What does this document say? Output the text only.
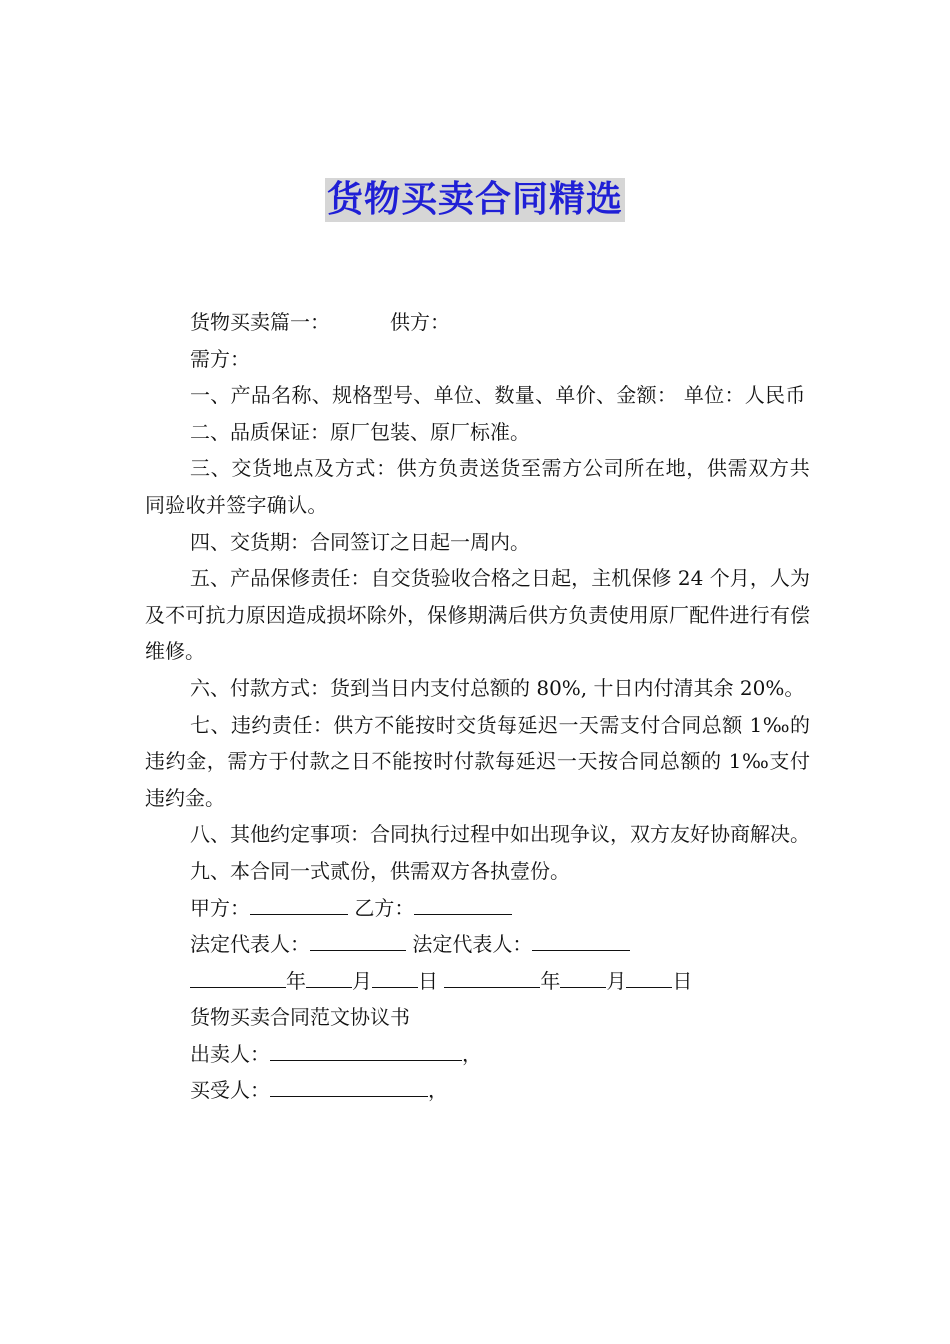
货物买卖合同精选

货物买卖篇一：	供方：

需方：

一、产品名称、规格型号、单位、数量、单价、金额： 单位：人民币

二、品质保证：原厂包装、原厂标准。

三、交货地点及方式：供方负责送货至需方公司所在地，供需双方共同验收并签字确认。

四、交货期：合同签订之日起一周内。

五、产品保修责任：自交货验收合格之日起，主机保修 24 个月，人为及不可抗力原因造成损坏除外，保修期满后供方负责使用原厂配件进行有偿维修。

六、付款方式：货到当日内支付总额的 80%, 十日内付清其余 20%。

七、违约责任：供方不能按时交货每延迟一天需支付合同总额 1‰的违约金，需方于付款之日不能按时付款每延迟一天按合同总额的 1‰支付违约金。

八、其他约定事项：合同执行过程中如出现争议，双方友好协商解决。

九、本合同一式贰份，供需双方各执壹份。

甲方：	乙方：

法定代表人：	法定代表人：

年 月 日	年 月 日

货物买卖合同范文协议书

出卖人：	，

买受人：	，
